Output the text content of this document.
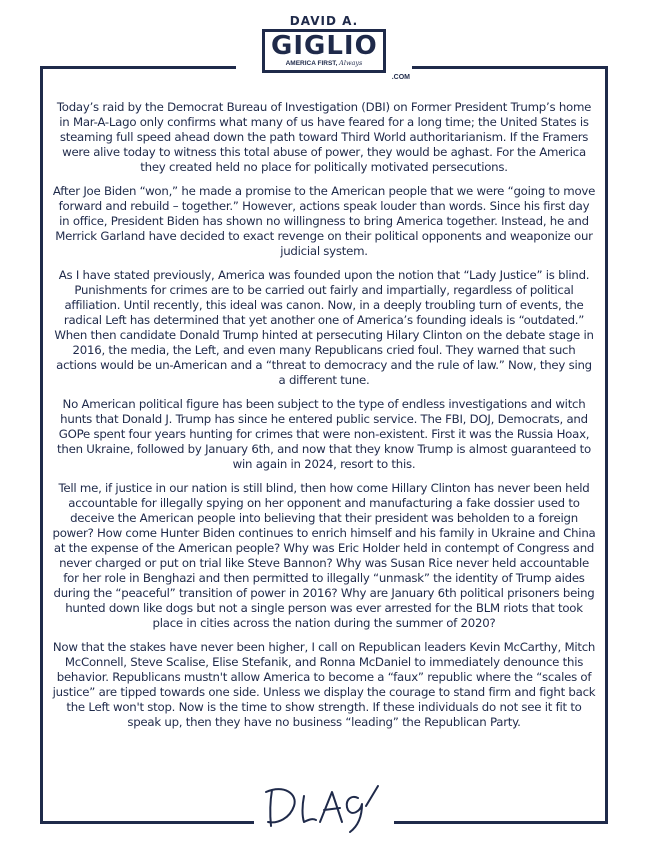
DAVID A.
GIGLIO
AMERICA FIRST, Always
.COM

Today’s raid by the Democrat Bureau of Investigation (DBI) on Former President Trump’s home in Mar-A-Lago only confirms what many of us have feared for a long time; the United States is steaming full speed ahead down the path toward Third World authoritarianism. If the Framers were alive today to witness this total abuse of power, they would be aghast. For the America they created held no place for politically motivated persecutions.

After Joe Biden “won,” he made a promise to the American people that we were “going to move forward and rebuild – together.” However, actions speak louder than words. Since his first day in office, President Biden has shown no willingness to bring America together. Instead, he and Merrick Garland have decided to exact revenge on their political opponents and weaponize our judicial system.

As I have stated previously, America was founded upon the notion that “Lady Justice” is blind. Punishments for crimes are to be carried out fairly and impartially, regardless of political affiliation. Until recently, this ideal was canon. Now, in a deeply troubling turn of events, the radical Left has determined that yet another one of America’s founding ideals is “outdated.” When then candidate Donald Trump hinted at persecuting Hilary Clinton on the debate stage in 2016, the media, the Left, and even many Republicans cried foul. They warned that such actions would be un-American and a “threat to democracy and the rule of law.” Now, they sing a different tune.

No American political figure has been subject to the type of endless investigations and witch hunts that Donald J. Trump has since he entered public service. The FBI, DOJ, Democrats, and GOPe spent four years hunting for crimes that were non-existent. First it was the Russia Hoax, then Ukraine, followed by January 6th, and now that they know Trump is almost guaranteed to win again in 2024, resort to this.

Tell me, if justice in our nation is still blind, then how come Hillary Clinton has never been held accountable for illegally spying on her opponent and manufacturing a fake dossier used to deceive the American people into believing that their president was beholden to a foreign power? How come Hunter Biden continues to enrich himself and his family in Ukraine and China at the expense of the American people? Why was Eric Holder held in contempt of Congress and never charged or put on trial like Steve Bannon? Why was Susan Rice never held accountable for her role in Benghazi and then permitted to illegally “unmask” the identity of Trump aides during the “peaceful” transition of power in 2016? Why are January 6th political prisoners being hunted down like dogs but not a single person was ever arrested for the BLM riots that took place in cities across the nation during the summer of 2020?

Now that the stakes have never been higher, I call on Republican leaders Kevin McCarthy, Mitch McConnell, Steve Scalise, Elise Stefanik, and Ronna McDaniel to immediately denounce this behavior. Republicans mustn't allow America to become a “faux” republic where the “scales of justice” are tipped towards one side. Unless we display the courage to stand firm and fight back the Left won't stop. Now is the time to show strength. If these individuals do not see it fit to speak up, then they have no business “leading” the Republican Party.
